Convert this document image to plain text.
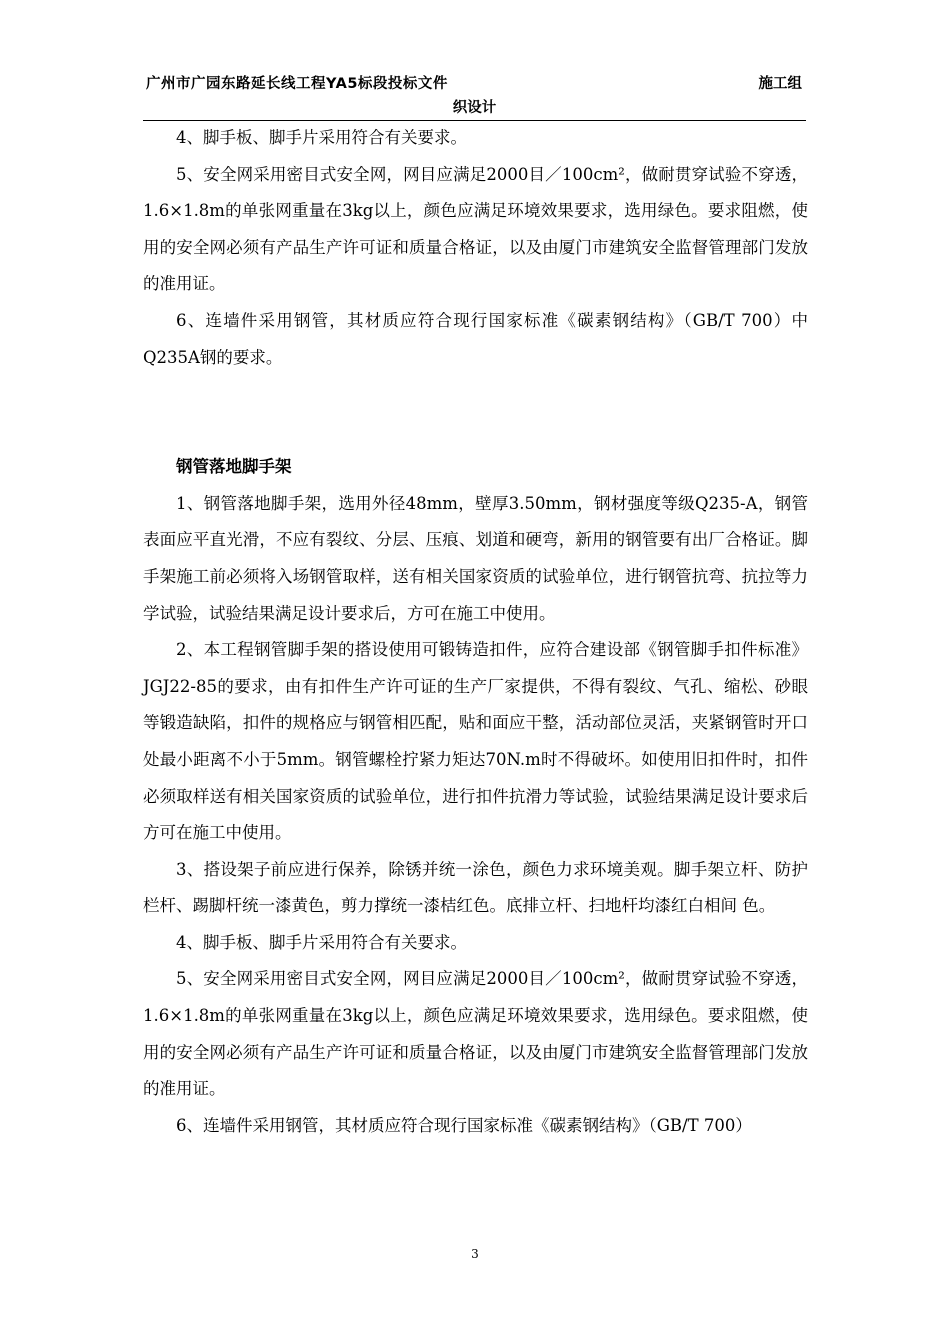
广州市广园东路延长线工程YA5标段投标文件	施工组
织设计

4、脚手板、脚手片采用符合有关要求。

5、安全网采用密目式安全网，网目应满足2000目／100cm²，做耐贯穿试验不穿透，1.6×1.8m的单张网重量在3kg以上，颜色应满足环境效果要求，选用绿色。要求阻燃，使用的安全网必须有产品生产许可证和质量合格证，以及由厦门市建筑安全监督管理部门发放的准用证。

6、连墙件采用钢管，其材质应符合现行国家标准《碳素钢结构》（GB/T 700）中Q235A钢的要求。

钢管落地脚手架

1、钢管落地脚手架，选用外径48mm，壁厚3.50mm，钢材强度等级Q235-A，钢管表面应平直光滑，不应有裂纹、分层、压痕、划道和硬弯，新用的钢管要有出厂合格证。脚手架施工前必须将入场钢管取样，送有相关国家资质的试验单位，进行钢管抗弯、抗拉等力学试验，试验结果满足设计要求后，方可在施工中使用。

2、本工程钢管脚手架的搭设使用可锻铸造扣件，应符合建设部《钢管脚手扣件标准》JGJ22-85的要求，由有扣件生产许可证的生产厂家提供，不得有裂纹、气孔、缩松、砂眼等锻造缺陷，扣件的规格应与钢管相匹配，贴和面应干整，活动部位灵活，夹紧钢管时开口处最小距离不小于5mm。钢管螺栓拧紧力矩达70N.m时不得破坏。如使用旧扣件时，扣件必须取样送有相关国家资质的试验单位，进行扣件抗滑力等试验，试验结果满足设计要求后方可在施工中使用。

3、搭设架子前应进行保养，除锈并统一涂色，颜色力求环境美观。脚手架立杆、防护栏杆、踢脚杆统一漆黄色，剪力撑统一漆桔红色。底排立杆、扫地杆均漆红白相间 色。

4、脚手板、脚手片采用符合有关要求。

5、安全网采用密目式安全网，网目应满足2000目／100cm²，做耐贯穿试验不穿透，1.6×1.8m的单张网重量在3kg以上，颜色应满足环境效果要求，选用绿色。要求阻燃，使用的安全网必须有产品生产许可证和质量合格证，以及由厦门市建筑安全监督管理部门发放的准用证。

6、连墙件采用钢管，其材质应符合现行国家标准《碳素钢结构》（GB/T 700）

3
